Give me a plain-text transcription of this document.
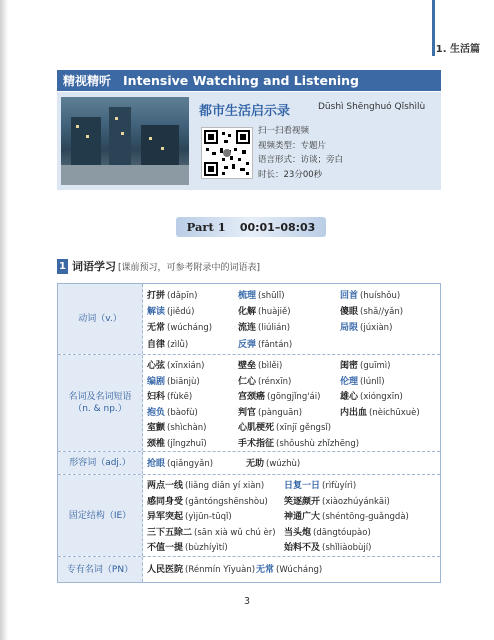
1. 生活篇
精视精听 Intensive Watching and Listening
都市生活启示录	Dūshì Shēnghuó Qǐshìlù
扫一扫看视频
视频类型：专题片
语言形式：访谈；旁白
时长：23分00秒
Part 1 00:01–08:03
1 词语学习 [课前预习，可参考附录中的词语表]
动词（v.）
打拼 (dǎpīn)	梳理 (shūlǐ)	回首 (huíshǒu)
解读 (jiědú)	化解 (huàjiě)	傻眼 (shǎ//yǎn)
无常 (wúcháng)	流连 (liúlián)	局限 (júxiàn)
自律 (zìlǜ)	反弹 (fǎntán)
名词及名词短语
（n. & np.）
心弦 (xīnxián)	壁垒 (bìlěi)	闺密 (guīmì)
编剧 (biānjù)	仁心 (rénxīn)	伦理 (lúnlǐ)
妇科 (fùkē)	宫颈癌 (gōngjǐng'ái) 雄心 (xióngxīn)
抱负 (bàofù)	判官 (pànguān)	内出血 (nèichūxuè)
室颤 (shìchàn)	心肌梗死 (xīnjī gěngsǐ)
颈椎 (jǐngzhuī)	手术指征 (shǒushù zhǐzhēng)
形容词（adj.） 抢眼 (qiǎngyǎn)	无助 (wúzhù)
固定结构（IE）
两点一线 (liǎng diǎn yí xiàn) 日复一日 (rìfùyírì)
感同身受 (gǎntóngshēnshòu) 笑逐颜开 (xiàozhúyánkāi)
异军突起 (yìjūn-tūqǐ)	神通广大 (shéntōng-guǎngdà)
三下五除二 (sān xià wǔ chú èr) 当头炮 (dāngtóupào)
不值一提 (bùzhíyìtí)	始料不及 (shǐliàobùjí)
专有名词（PN） 人民医院 (Rénmín Yīyuàn) 无常 (Wúcháng)
3
